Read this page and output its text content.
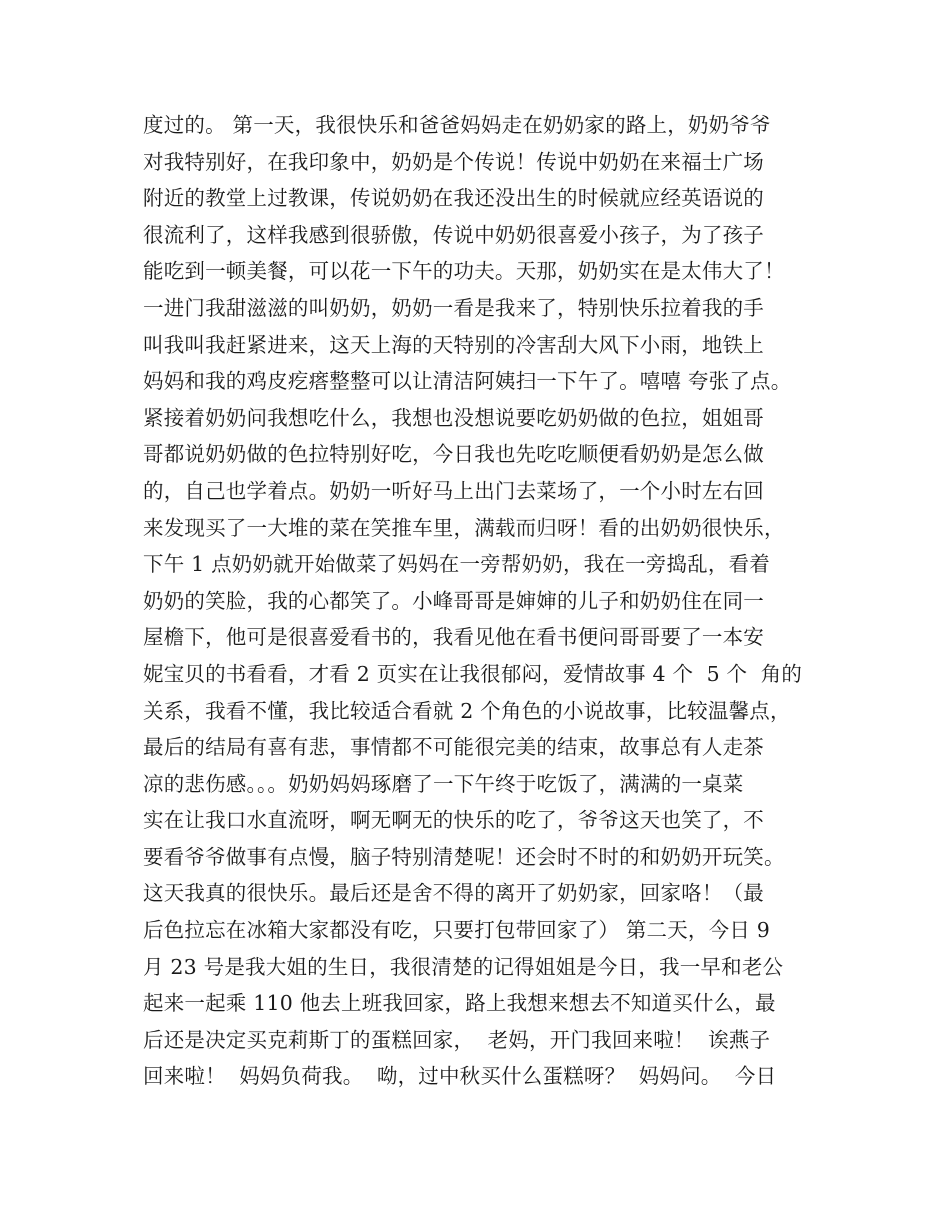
度过的。 第一天，我很快乐和爸爸妈妈走在奶奶家的路上，奶奶爷爷
对我特别好，在我印象中，奶奶是个传说！传说中奶奶在来福士广场
附近的教堂上过教课，传说奶奶在我还没出生的时候就应经英语说的
很流利了，这样我感到很骄傲，传说中奶奶很喜爱小孩子，为了孩子
能吃到一顿美餐，可以花一下午的功夫。天那，奶奶实在是太伟大了！
一进门我甜滋滋的叫奶奶，奶奶一看是我来了，特别快乐拉着我的手
叫我叫我赶紧进来，这天上海的天特别的冷害刮大风下小雨，地铁上
妈妈和我的鸡皮疙瘩整整可以让清洁阿姨扫一下午了。嘻嘻 夸张了点。
紧接着奶奶问我想吃什么，我想也没想说要吃奶奶做的色拉，姐姐哥
哥都说奶奶做的色拉特别好吃，今日我也先吃吃顺便看奶奶是怎么做
的，自己也学着点。奶奶一听好马上出门去菜场了，一个小时左右回
来发现买了一大堆的菜在笑推车里，满载而归呀！看的出奶奶很快乐，
下午 1 点奶奶就开始做菜了妈妈在一旁帮奶奶，我在一旁捣乱，看着
奶奶的笑脸，我的心都笑了。小峰哥哥是婶婶的儿子和奶奶住在同一
屋檐下，他可是很喜爱看书的，我看见他在看书便问哥哥要了一本安
妮宝贝的书看看，才看 2 页实在让我很郁闷，爱情故事 4 个  5 个  角的
关系，我看不懂，我比较适合看就 2 个角色的小说故事，比较温馨点，
最后的结局有喜有悲，事情都不可能很完美的结束，故事总有人走茶
凉的悲伤感。。。奶奶妈妈琢磨了一下午终于吃饭了，满满的一桌菜
实在让我口水直流呀，啊无啊无的快乐的吃了，爷爷这天也笑了，不
要看爷爷做事有点慢，脑子特别清楚呢！还会时不时的和奶奶开玩笑。
这天我真的很快乐。最后还是舍不得的离开了奶奶家，回家咯！（最
后色拉忘在冰箱大家都没有吃，只要打包带回家了） 第二天，今日 9
月 23 号是我大姐的生日，我很清楚的记得姐姐是今日，我一早和老公
起来一起乘 110 他去上班我回家，路上我想来想去不知道买什么，最
后还是决定买克莉斯丁的蛋糕回家，  老妈，开门我回来啦！  诶燕子
回来啦！  妈妈负荷我。  呦，过中秋买什么蛋糕呀？  妈妈问。  今日
